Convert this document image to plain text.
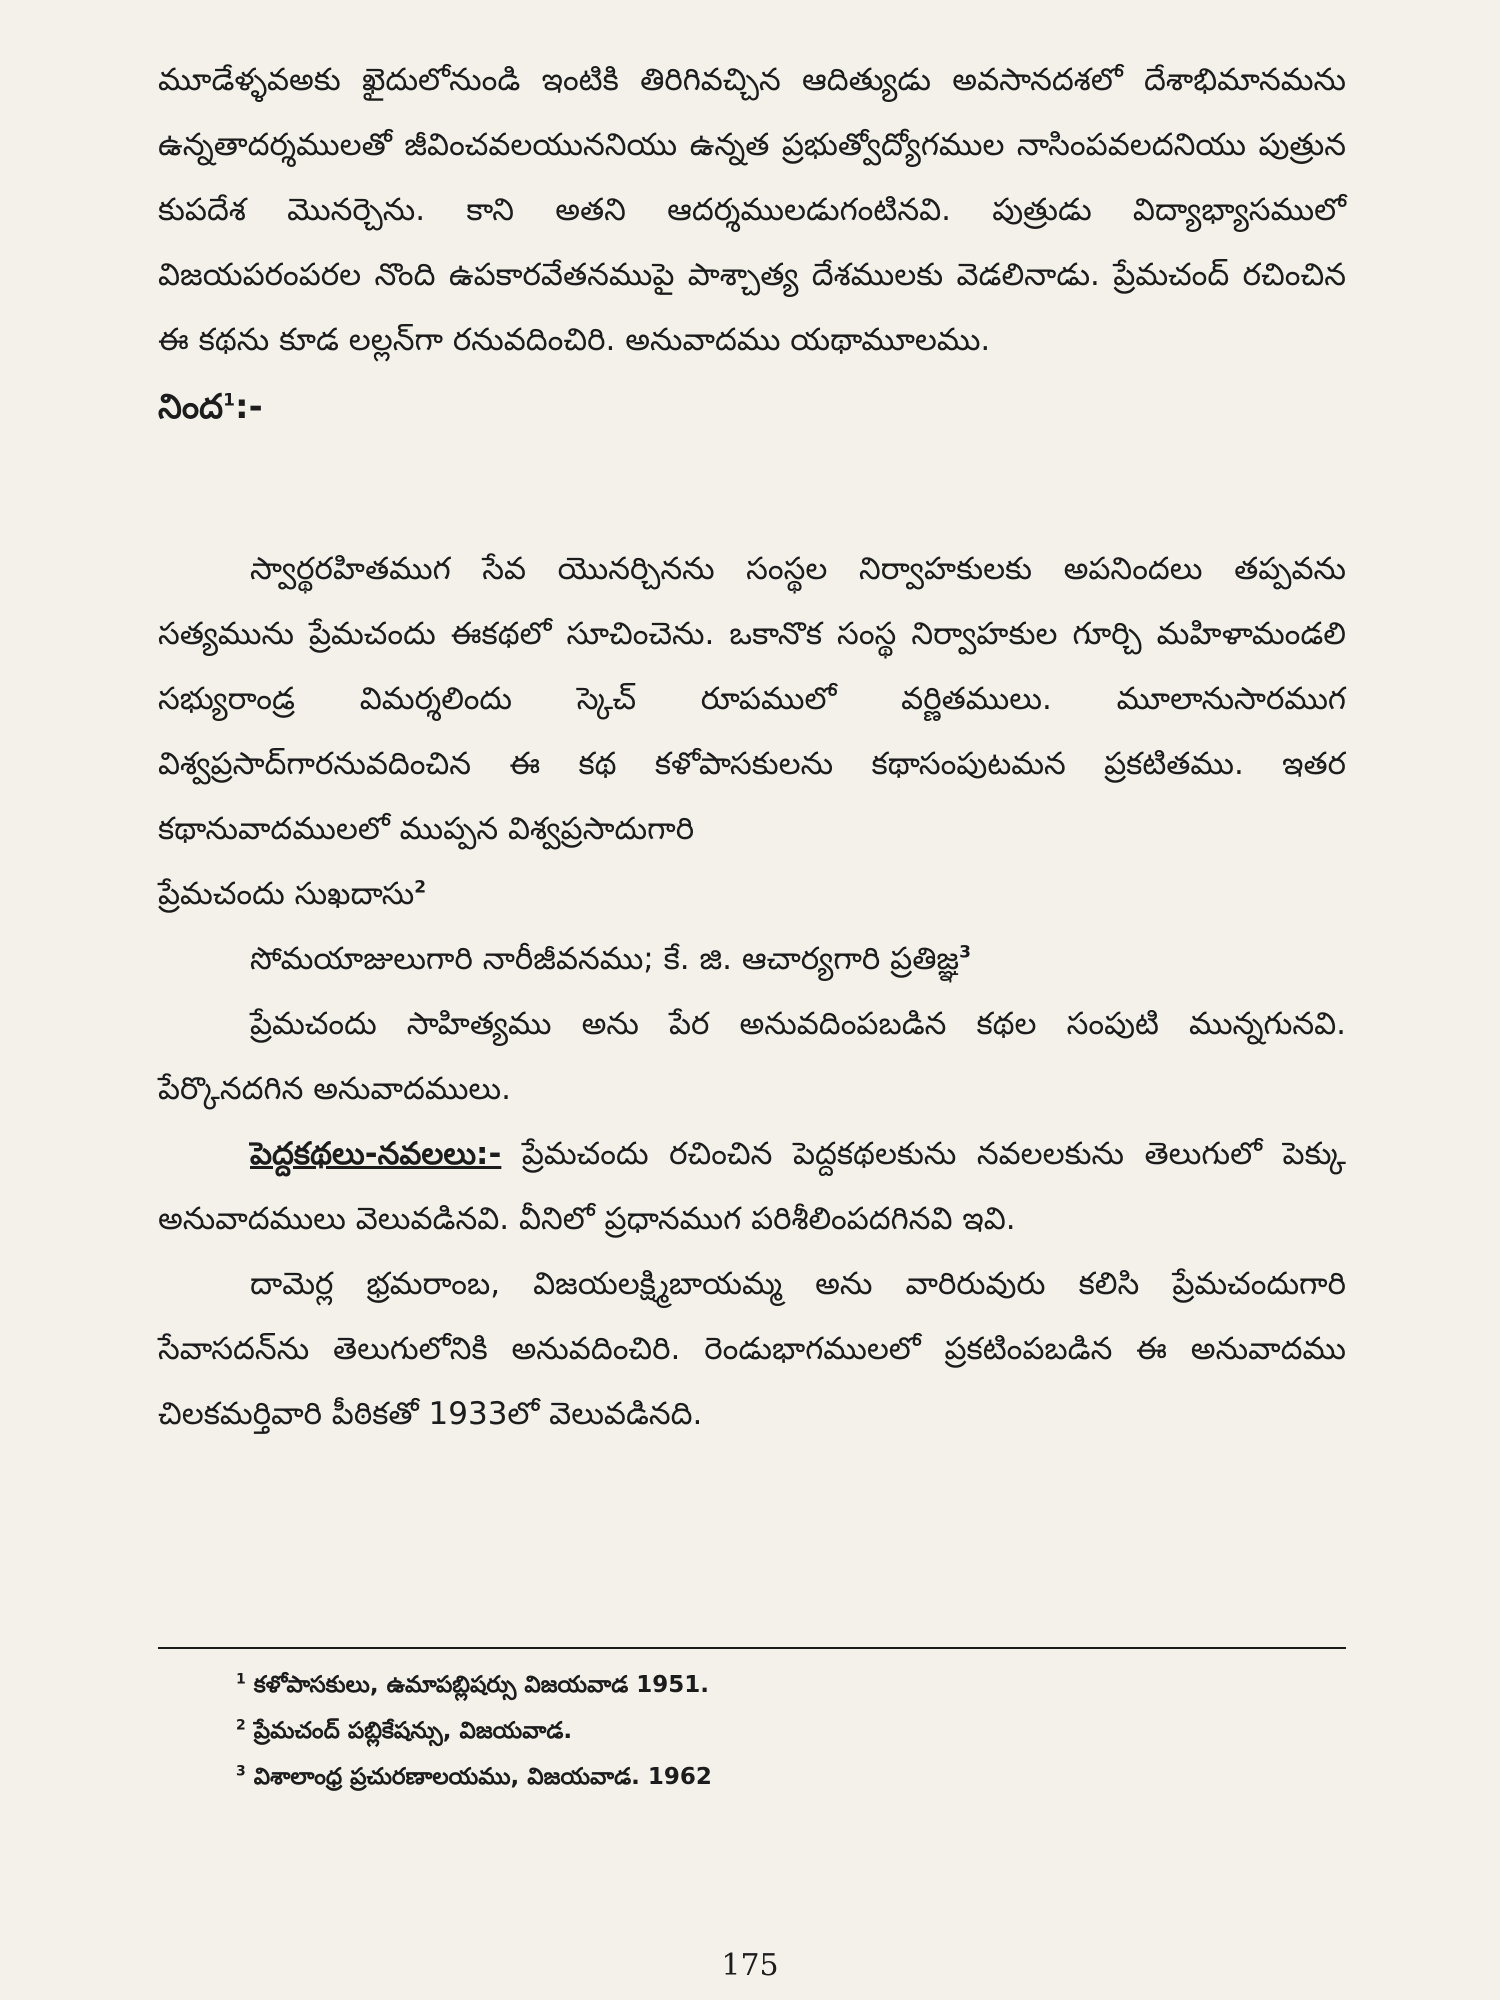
మూడేళ్ళవఅకు ఖైదులోనుండి ఇంటికి తిరిగివచ్చిన ఆదిత్యుడు అవసానదశలో దేశాభిమానమను ఉన్నతాదర్శములతో జీవించవలయుననియు ఉన్నత ప్రభుత్వోద్యోగముల నాసింపవలదనియు పుత్రున కుపదేశ మొనర్చెను. కాని అతని ఆదర్శములడుగంటినవి. పుత్రుడు విద్యాభ్యాసములో విజయపరంపరల నొంది ఉపకారవేతనముపై పాశ్చాత్య దేశములకు వెడలినాడు. ప్రేమచంద్ రచించిన ఈ కథను కూడ లల్లన్‌గా రనువదించిరి. అనువాదము యథామూలము.

నింద$^1$:-

స్వార్థరహితముగ సేవ యొనర్చినను సంస్థల నిర్వాహకులకు అపనిందలు తప్పవను సత్యమును ప్రేమచందు ఈకథలో సూచించెను. ఒకానొక సంస్థ నిర్వాహకుల గూర్చి మహిళామండలి సభ్యురాండ్ర విమర్శలిందు స్కెచ్ రూపములో వర్ణితములు. మూలానుసారముగ విశ్వప్రసాద్‌గారనువదించిన ఈ కథ కళోపాసకులను కథాసంపుటమన ప్రకటితము. ఇతర కథానువాదములలో ముప్పన విశ్వప్రసాదుగారి

ప్రేమచందు సుఖదాసు$^2$

సోమయాజులుగారి నారీజీవనము; కే. జి. ఆచార్యగారి ప్రతిజ్ఞ$^3$

ప్రేమచందు సాహిత్యము అను పేర అనువదింపబడిన కథల సంపుటి మున్నగునవి. పేర్కొనదగిన అనువాదములు.

పెద్దకథలు-నవలలు:- ప్రేమచందు రచించిన పెద్దకథలకును నవలలకును తెలుగులో పెక్కు అనువాదములు వెలువడినవి. వీనిలో ప్రధానముగ పరిశీలింపదగినవి ఇవి.

దామెర్ల భ్రమరాంబ, విజయలక్ష్మిబాయమ్మ అను వారిరువురు కలిసి ప్రేమచందుగారి సేవాసదన్‌ను తెలుగులోనికి అనువదించిరి. రెండుభాగములలో ప్రకటింపబడిన ఈ అనువాదము చిలకమర్తివారి పీఠికతో 1933లో వెలువడినది.

$^1$ కళోపాసకులు, ఉమాపబ్లిషర్సు విజయవాడ 1951.

$^2$ ప్రేమచంద్ పబ్లికేషన్సు, విజయవాడ.

$^3$ విశాలాంధ్ర ప్రచురణాలయము, విజయవాడ. 1962

175
